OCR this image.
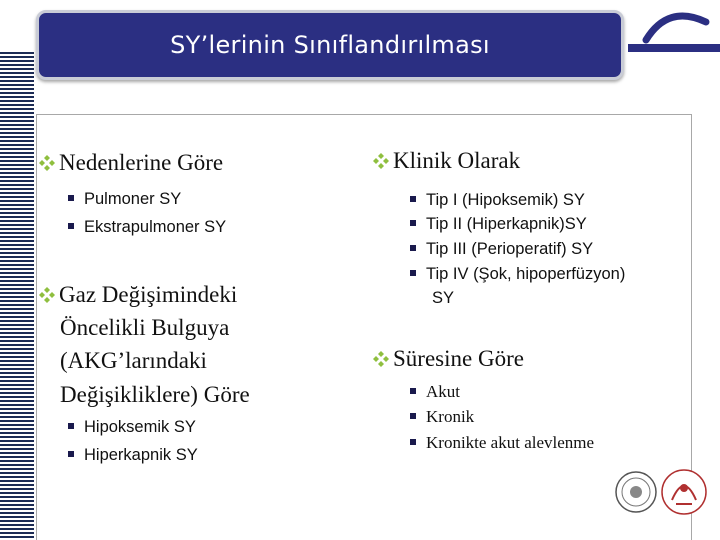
SY’lerinin Sınıflandırılması
Nedenlerine Göre
Pulmoner SY
Ekstrapulmoner SY
Gaz Değişimindeki
Öncelikli Bulguya
(AKG’larındaki
Değişikliklere) Göre
Hipoksemik SY
Hiperkapnik SY
Klinik Olarak
Tip I (Hipoksemik) SY
Tip II (Hiperkapnik)SY
Tip III (Perioperatif) SY
Tip IV (Şok, hipoperfüzyon)
SY
Süresine Göre
Akut
Kronik
Kronikte akut alevlenme
